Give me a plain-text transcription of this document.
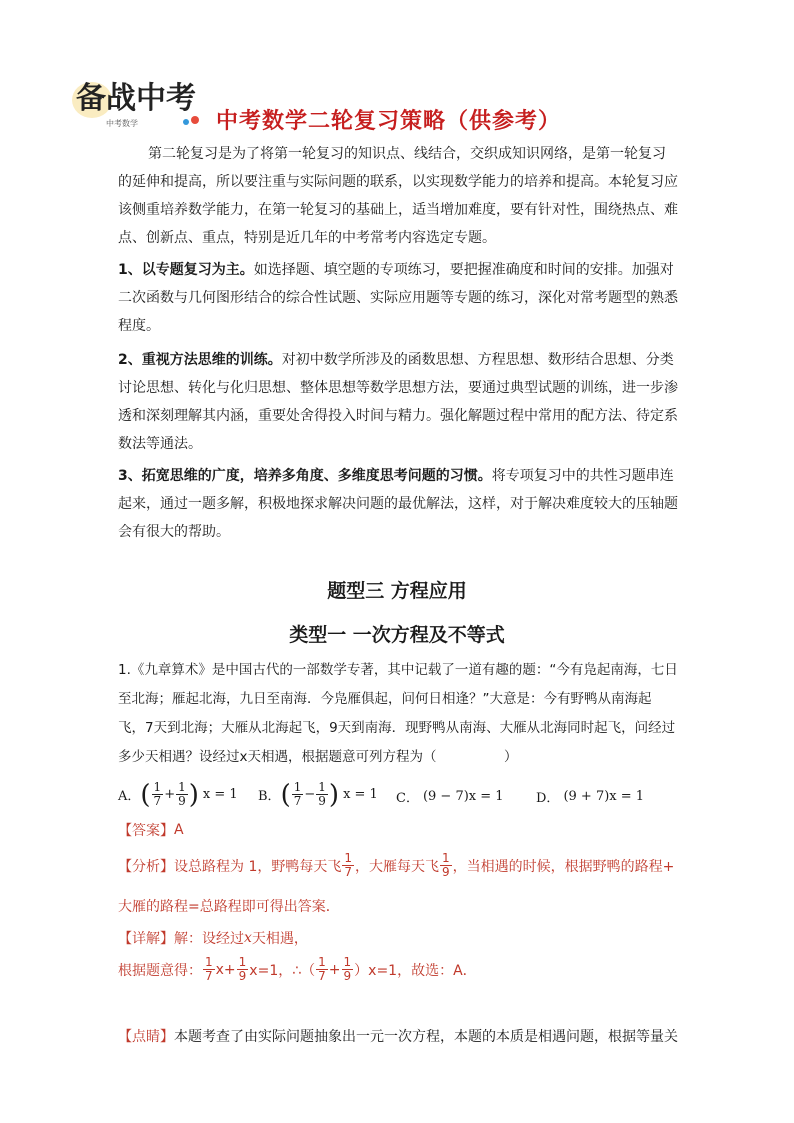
备战中考
中考数学	中考数学二轮复习策略（供参考）
第二轮复习是为了将第一轮复习的知识点、线结合，交织成知识网络，是第一轮复习的延伸和提高，所以要注重与实际问题的联系，以实现数学能力的培养和提高。本轮复习应该侧重培养数学能力，在第一轮复习的基础上，适当增加难度，要有针对性，围绕热点、难点、创新点、重点，特别是近几年的中考常考内容选定专题。
1、以专题复习为主。如选择题、填空题的专项练习，要把握准确度和时间的安排。加强对二次函数与几何图形结合的综合性试题、实际应用题等专题的练习，深化对常考题型的熟悉程度。
2、重视方法思维的训练。对初中数学所涉及的函数思想、方程思想、数形结合思想、分类讨论思想、转化与化归思想、整体思想等数学思想方法，要通过典型试题的训练，进一步渗透和深刻理解其内涵，重要处舍得投入时间与精力。强化解题过程中常用的配方法、待定系数法等通法。
3、拓宽思维的广度，培养多角度、多维度思考问题的习惯。将专项复习中的共性习题串连起来，通过一题多解，积极地探求解决问题的最优解法，这样，对于解决难度较大的压轴题会有很大的帮助。
题型三 方程应用
类型一 一次方程及不等式
1.《九章算术》是中国古代的一部数学专著，其中记载了一道有趣的题：“今有凫起南海，七日至北海；雁起北海，九日至南海．今凫雁俱起，问何日相逢？”大意是：今有野鸭从南海起飞，7天到北海；大雁从北海起飞，9天到南海．现野鸭从南海、大雁从北海同时起飞，问经过多少天相遇？设经过x天相遇，根据题意可列方程为（　　　　　）
A． ( $\frac{1}{7} + \frac{1}{9}$ ) x = 1 B． ( $\frac{1}{7} - \frac{1}{9}$ ) x = 1 C． (9 − 7)x = 1 D． (9 + 7)x = 1
【答案】 A
【分析】 设总路程为 1，野鸭每天飞 $\frac{1}{7}$ ，大雁每天飞 $\frac{1}{9}$ ，当相遇的时候，根据野鸭的路程+
大雁的路程=总路程即可得出答案．
【详解】 解：设经过 x 天相遇，
根据题意得： $\frac{1}{7} x+ \frac{1}{9} x=1$，∴（ $\frac{1}{7} + \frac{1}{9} )x=1$，故选：A．
【点睛】 本题考查了由实际问题抽象出一元一次方程，本题的本质是相遇问题，根据等量关
